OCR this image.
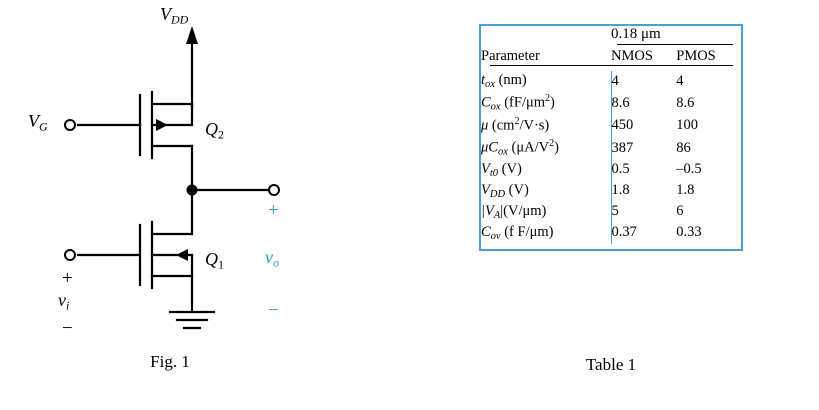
$V_{DD}$
$V_G$	$Q_2$
$Q_1$
+
$v_i$
−
+
$v_o$
−
Fig. 1
	0.18 μm

Parameter	NMOS	PMOS

$t_{ox}$ (nm)	4	4
$C_{ox}$ $(fF/\mu m^2)$	8.6	8.6
μ $(cm^2/V\cdot s)$	450	100
$\mu C_{ox}$ $(\mu A/V^2)$	387	86
$V_{t0}$ (V)	0.5	–0.5
$V_{DD}$ (V)	1.8	1.8
$|V_A|(V/\mu m)$	5	6
$C_{ov}$ (f F/μm)	0.37	0.33

Table 1
